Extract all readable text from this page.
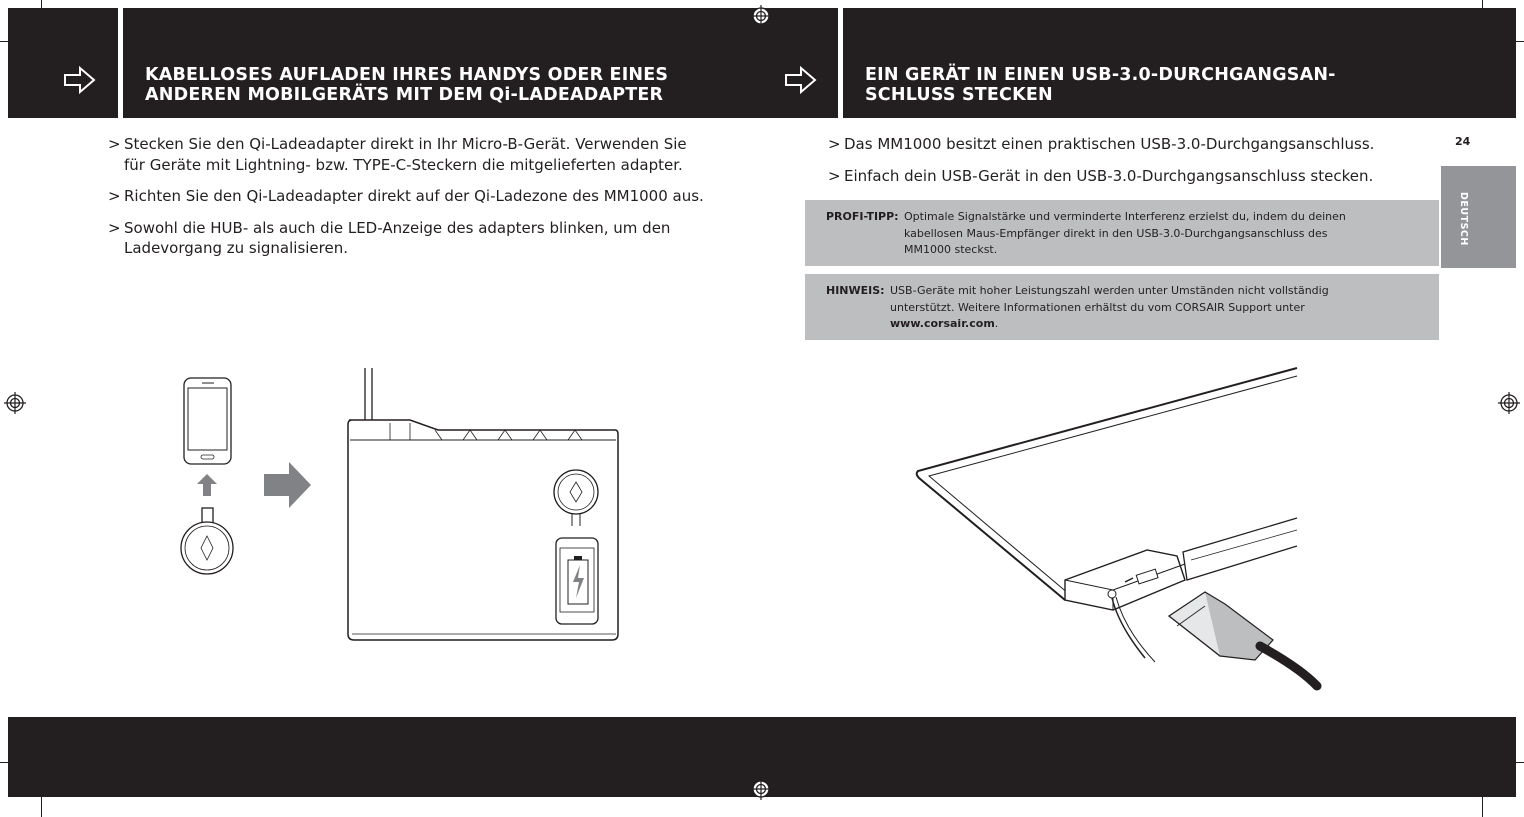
KABELLOSES AUFLADEN IHRES HANDYS ODER EINES
ANDEREN MOBILGERÄTS MIT DEM Qi-LADEADAPTER
EIN GERÄT IN EINEN USB-3.0-DURCHGANGSAN-
SCHLUSS STECKEN
> Stecken Sie den Qi-Ladeadapter direkt in Ihr Micro-B-Gerät. Verwenden Sie
für Geräte mit Lightning- bzw. TYPE-C-Steckern die mitgelieferten adapter.
> Richten Sie den Qi-Ladeadapter direkt auf der Qi-Ladezone des MM1000 aus.
> Sowohl die HUB- als auch die LED-Anzeige des adapters blinken, um den
Ladevorgang zu signalisieren.
> Das MM1000 besitzt einen praktischen USB-3.0-Durchgangsanschluss.
> Einfach dein USB-Gerät in den USB-3.0-Durchgangsanschluss stecken.
PROFI-TIPP: Optimale Signalstärke und verminderte Interferenz erzielst du, indem du deinen
kabellosen Maus-Empfänger direkt in den USB-3.0-Durchgangsanschluss des
MM1000 steckst.
HINWEIS: USB-Geräte mit hoher Leistungszahl werden unter Umständen nicht vollständig
unterstützt. Weitere Informationen erhältst du vom CORSAIR Support unter
www.corsair.com.
24
DEUTSCH
